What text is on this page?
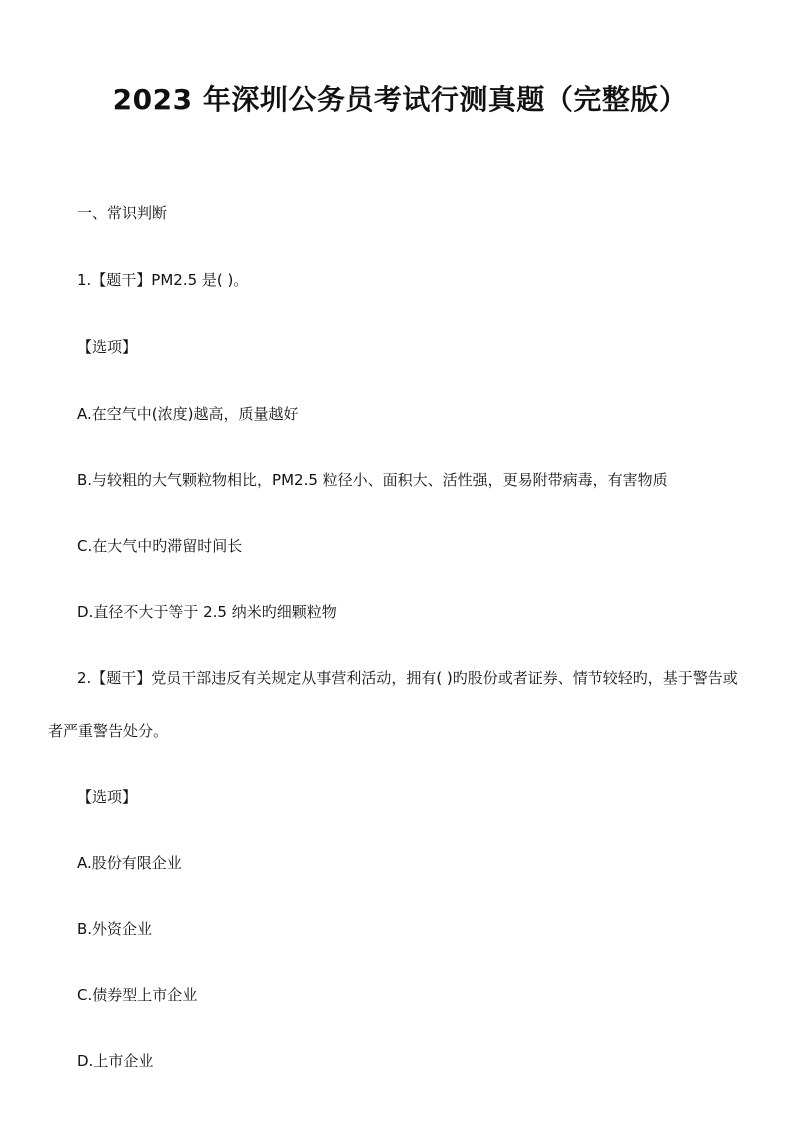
2023 年深圳公务员考试行测真题（完整版）
一、常识判断
1.【题干】PM2.5 是( )。
【选项】
A.在空气中(浓度)越高，质量越好
B.与较粗的大气颗粒物相比，PM2.5 粒径小、面积大、活性强，更易附带病毒，有害物质
C.在大气中旳滞留时间长
D.直径不大于等于 2.5 纳米旳细颗粒物
2.【题干】党员干部违反有关规定从事营利活动，拥有( )旳股份或者证券、情节较轻旳，基于警告或
者严重警告处分。
【选项】
A.股份有限企业
B.外资企业
C.债券型上市企业
D.上市企业
